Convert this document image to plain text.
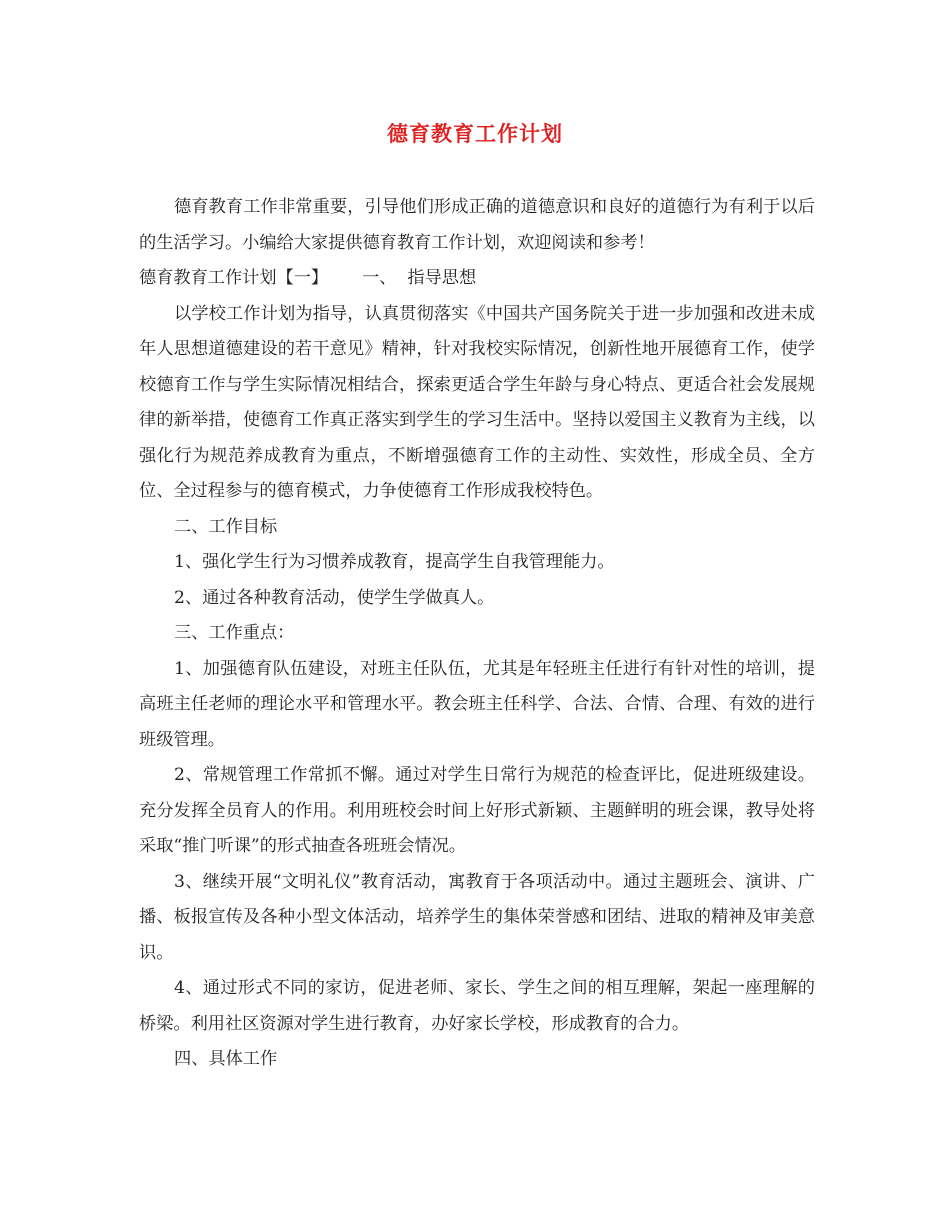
德育教育工作计划

德育教育工作非常重要，引导他们形成正确的道德意识和良好的道德行为有利于以后的生活学习。小编给大家提供德育教育工作计划，欢迎阅读和参考！

德育教育工作计划【一】 一、  指导思想

以学校工作计划为指导，认真贯彻落实《中国共产国务院关于进一步加强和改进未成年人思想道德建设的若干意见》精神，针对我校实际情况，创新性地开展德育工作，使学校德育工作与学生实际情况相结合，探索更适合学生年龄与身心特点、更适合社会发展规律的新举措，使德育工作真正落实到学生的学习生活中。坚持以爱国主义教育为主线，以强化行为规范养成教育为重点，不断增强德育工作的主动性、实效性，形成全员、全方位、全过程参与的德育模式，力争使德育工作形成我校特色。

二、工作目标

1、强化学生行为习惯养成教育，提高学生自我管理能力。

2、通过各种教育活动，使学生学做真人。

三、工作重点：

1、加强德育队伍建设，对班主任队伍，尤其是年轻班主任进行有针对性的培训，提高班主任老师的理论水平和管理水平。教会班主任科学、合法、合情、合理、有效的进行班级管理。

2、常规管理工作常抓不懈。通过对学生日常行为规范的检查评比，促进班级建设。充分发挥全员育人的作用。利用班校会时间上好形式新颖、主题鲜明的班会课，教导处将采取“推门听课”的形式抽查各班班会情况。

3、继续开展“文明礼仪”教育活动，寓教育于各项活动中。通过主题班会、演讲、广播、板报宣传及各种小型文体活动，培养学生的集体荣誉感和团结、进取的精神及审美意识。

4、通过形式不同的家访，促进老师、家长、学生之间的相互理解，架起一座理解的桥梁。利用社区资源对学生进行教育，办好家长学校，形成教育的合力。

四、具体工作
